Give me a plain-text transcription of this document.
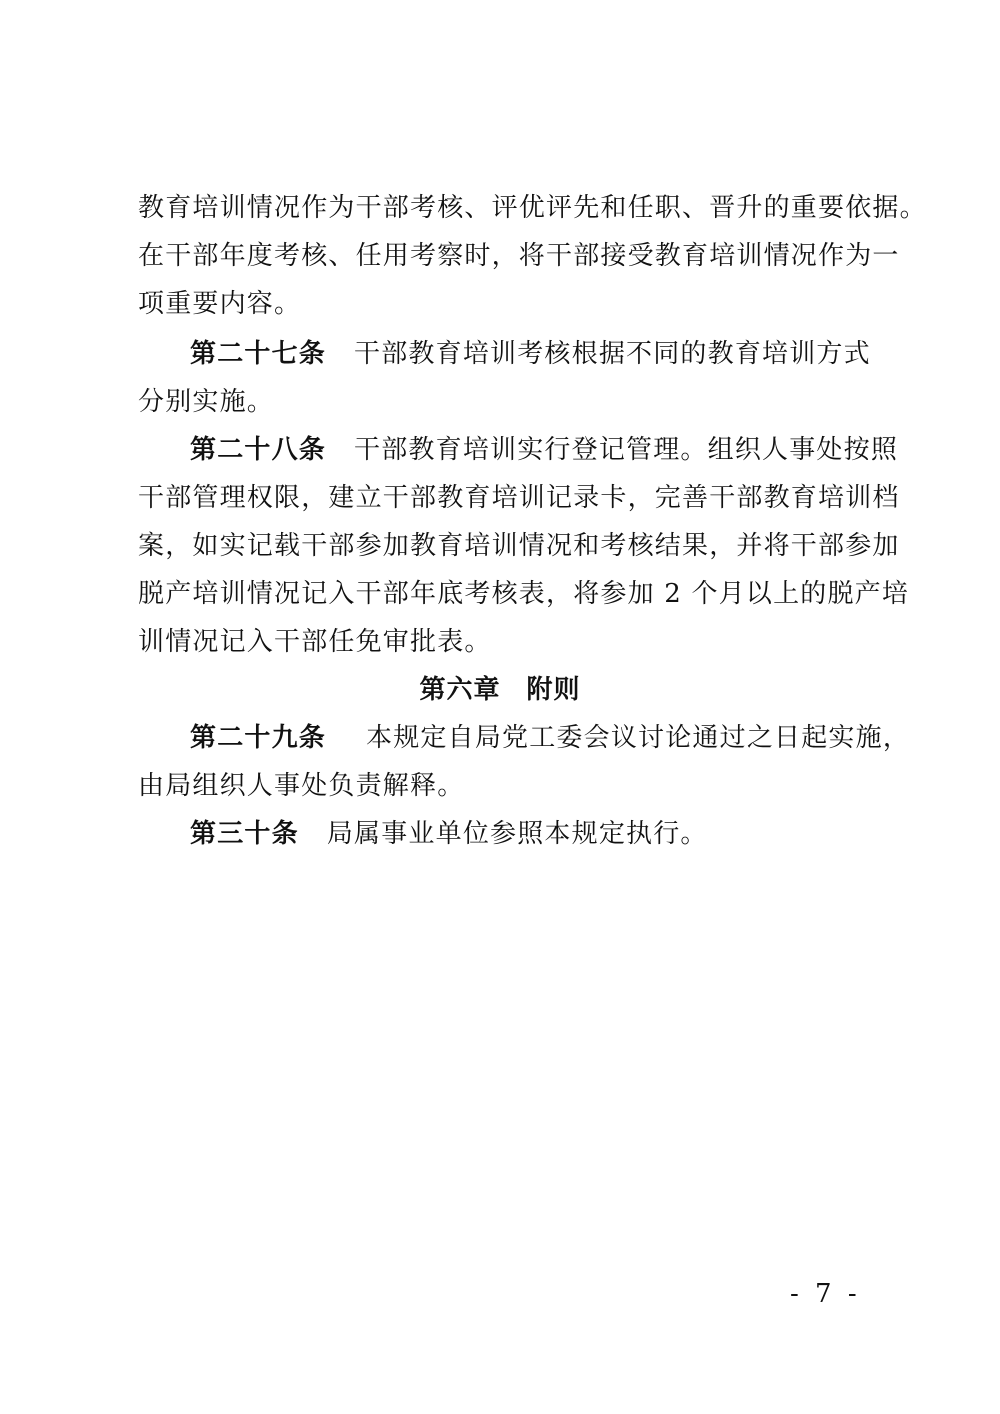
教育培训情况作为干部考核、评优评先和任职、晋升的重要依据。
在干部年度考核、任用考察时，将干部接受教育培训情况作为一
项重要内容。
第二十七条 干部教育培训考核根据不同的教育培训方式
分别实施。
第二十八条 干部教育培训实行登记管理。组织人事处按照
干部管理权限，建立干部教育培训记录卡，完善干部教育培训档
案，如实记载干部参加教育培训情况和考核结果，并将干部参加
脱产培训情况记入干部年底考核表，将参加 2 个月以上的脱产培
训情况记入干部任免审批表。
第六章 附则
第二十九条 本规定自局党工委会议讨论通过之日起实施，
由局组织人事处负责解释。
第三十条 局属事业单位参照本规定执行。
- 7 -
